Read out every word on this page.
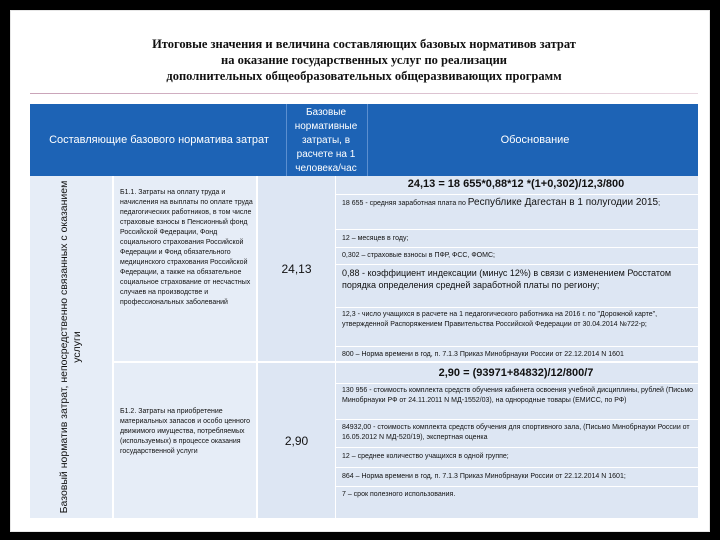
Итоговые значения и величина составляющих базовых нормативов затрат
на оказание государственных услуг по реализации
дополнительных общеобразовательных общеразвивающих программ
Составляющие базового норматива затрат
Базовые нормативные затраты, в расчете на 1 человека/час
Обоснование
Базовый норматив затрат, непосредственно связанных с оказанием услуги
Б1.1. Затраты на оплату труда и начисления на выплаты по оплате труда педагогических работников, в том числе страховые взносы в Пенсионный фонд Российской Федерации, Фонд социального страхования Российской Федерации и Фонд обязательного медицинского страхования Российской Федерации, а также на обязательное социальное страхование от несчастных случаев на производстве и профессиональных заболеваний
24,13
24,13 = 18 655*0,88*12 *(1+0,302)/12,3/800
18 655 - средняя заработная плата по Республике Дагестан в 1 полугодии 2015;
12 – месяцев в году;
0,302 – страховые взносы в ПФР, ФСС, ФОМС;
0,88 - коэффициент индексации (минус 12%) в связи с изменением Росстатом порядка определения средней заработной платы по региону;
12,3 - число учащихся в расчете на 1 педагогического работника на 2016 г. по "Дорожной карте", утвержденной Распоряжением Правительства Российской Федерации от 30.04.2014 №722-р;
800 – Норма времени в год, п. 7.1.3 Приказ Минобрнауки России от 22.12.2014 N 1601
Б1.2. Затраты на приобретение материальных запасов и особо ценного движимого имущества, потребляемых (используемых) в процессе оказания государственной услуги
2,90
2,90 = (93971+84832)/12/800/7
130 956 - стоимость комплекта средств обучения кабинета освоения учебной дисциплины, рублей (Письмо Минобрнауки РФ от 24.11.2011 N МД-1552/03), на однородные товары (ЕМИСС, по РФ)
84932,00 - стоимость комплекта средств обучения для спортивного зала, (Письмо Минобрнауки России от 16.05.2012 N МД-520/19), экспертная оценка
12 – среднее количество учащихся в одной группе;
864 – Норма времени в год, п. 7.1.3 Приказ Минобрнауки России от 22.12.2014 N 1601;
7 – срок полезного использования.
